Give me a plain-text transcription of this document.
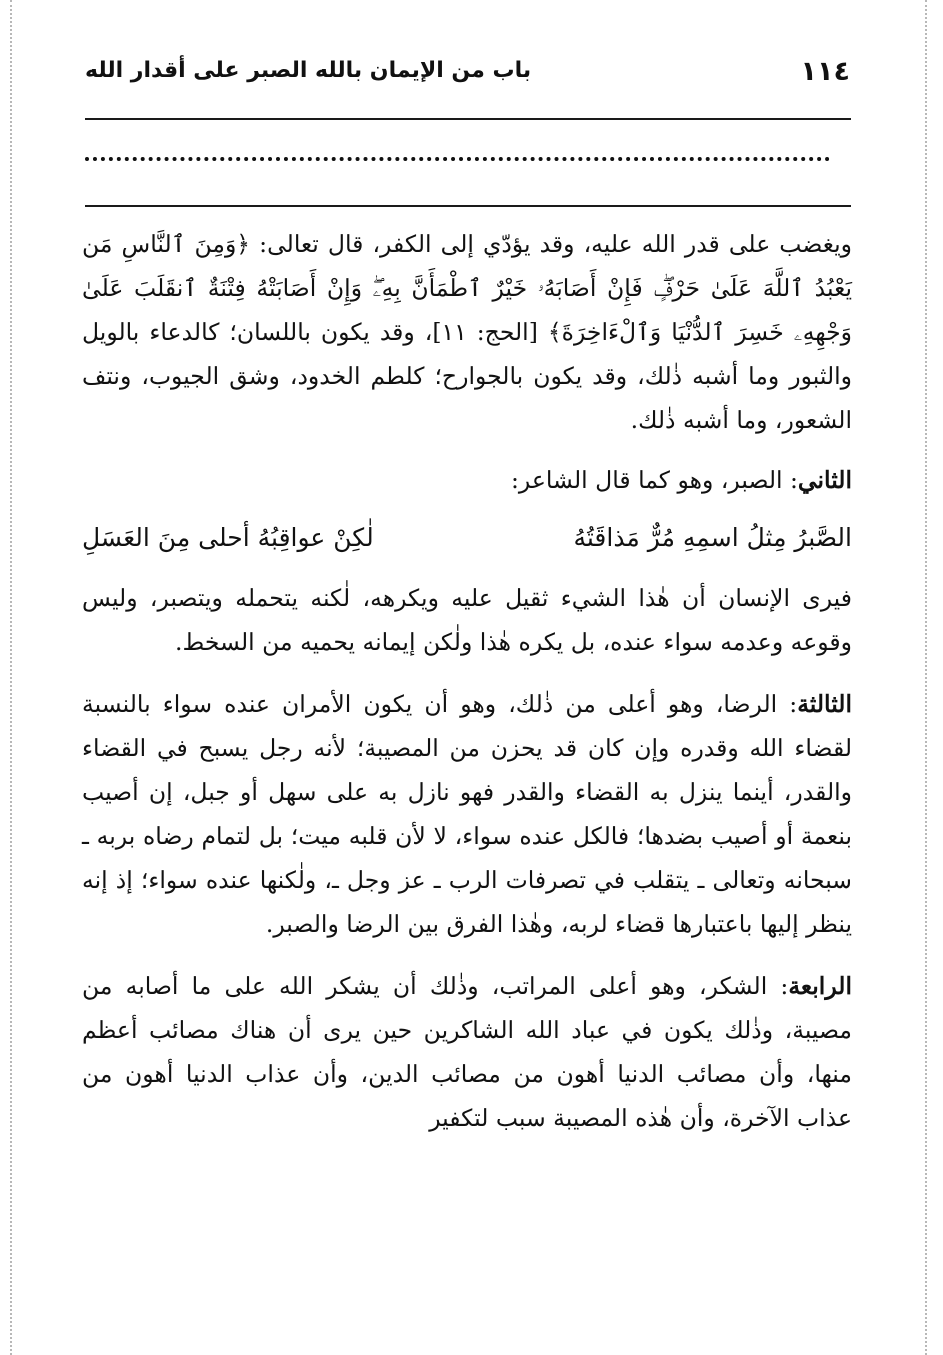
١١٤
باب من الإيمان بالله الصبر على أقدار الله

ويغضب على قدر الله عليه، وقد يؤدّي إلى الكفر، قال تعالى: ﴿وَمِنَ ٱلنَّاسِ مَن يَعْبُدُ ٱللَّهَ عَلَىٰ حَرْفٍۖ فَإِنْ أَصَابَهُۥ خَيْرٌ ٱطْمَأَنَّ بِهِۦۖ وَإِنْ أَصَابَتْهُ فِتْنَةٌ ٱنقَلَبَ عَلَىٰ وَجْهِهِۦ خَسِرَ ٱلدُّنْيَا وَٱلْءَاخِرَةَ﴾ [الحج: ١١]، وقد يكون باللسان؛ كالدعاء بالويل والثبور وما أشبه ذٰلك، وقد يكون بالجوارح؛ كلطم الخدود، وشق الجيوب، ونتف الشعور، وما أشبه ذٰلك.

الثاني: الصبر، وهو كما قال الشاعر:

الصَّبرُ مِثلُ اسمِهِ مُرٌّ مَذاقَتُهُ
لٰكِنْ عواقِبُهُ أحلى مِنَ العَسَلِ

فيرى الإنسان أن هٰذا الشيء ثقيل عليه ويكرهه، لٰكنه يتحمله ويتصبر، وليس وقوعه وعدمه سواء عنده، بل يكره هٰذا ولٰكن إيمانه يحميه من السخط.

الثالثة: الرضا، وهو أعلى من ذٰلك، وهو أن يكون الأمران عنده سواء بالنسبة لقضاء الله وقدره وإن كان قد يحزن من المصيبة؛ لأنه رجل يسبح في القضاء والقدر، أينما ينزل به القضاء والقدر فهو نازل به على سهل أو جبل، إن أصيب بنعمة أو أصيب بضدها؛ فالكل عنده سواء، لا لأن قلبه ميت؛ بل لتمام رضاه بربه ـ سبحانه وتعالى ـ يتقلب في تصرفات الرب ـ عز وجل ـ، ولٰكنها عنده سواء؛ إذ إنه ينظر إليها باعتبارها قضاء لربه، وهٰذا الفرق بين الرضا والصبر.

الرابعة: الشكر، وهو أعلى المراتب، وذٰلك أن يشكر الله على ما أصابه من مصيبة، وذٰلك يكون في عباد الله الشاكرين حين يرى أن هناك مصائب أعظم منها، وأن مصائب الدنيا أهون من مصائب الدين، وأن عذاب الدنيا أهون من عذاب الآخرة، وأن هٰذه المصيبة سبب لتكفير
